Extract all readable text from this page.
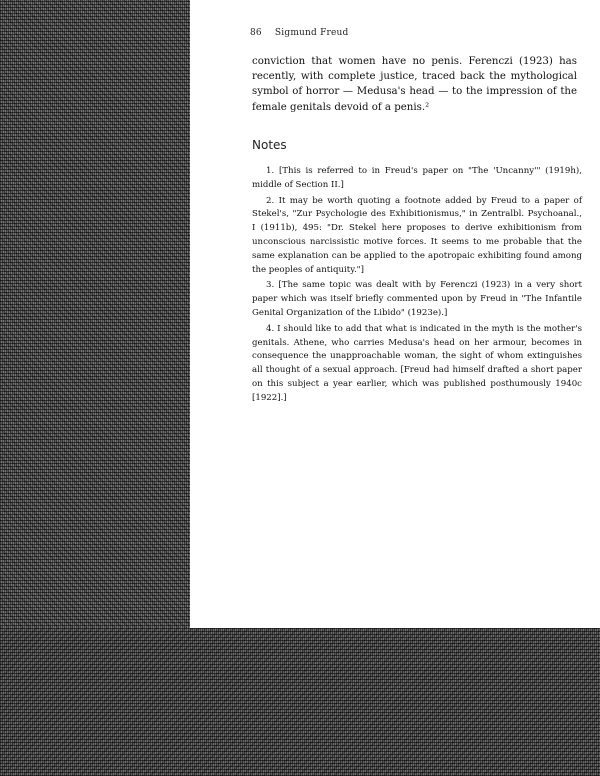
86 Sigmund Freud

conviction that women have no penis. Ferenczi (1923) has recently, with complete justice, traced back the mythological symbol of horror — Medusa's head — to the impression of the female genitals devoid of a penis.²

Notes

1. [This is referred to in Freud's paper on "The 'Uncanny'" (1919h), middle of Section II.]

2. It may be worth quoting a footnote added by Freud to a paper of Stekel's, "Zur Psychologie des Exhibitionismus," in Zentralbl. Psychoanal., I (1911b), 495: "Dr. Stekel here proposes to derive exhibitionism from unconscious narcissistic motive forces. It seems to me probable that the same explanation can be applied to the apotropaic exhibiting found among the peoples of antiquity."]

3. [The same topic was dealt with by Ferenczi (1923) in a very short paper which was itself briefly commented upon by Freud in "The Infantile Genital Organization of the Libido" (1923e).]

4. I should like to add that what is indicated in the myth is the mother's genitals. Athene, who carries Medusa's head on her armour, becomes in consequence the unapproachable woman, the sight of whom extinguishes all thought of a sexual approach. [Freud had himself drafted a short paper on this subject a year earlier, which was published posthumously 1940c [1922].]
